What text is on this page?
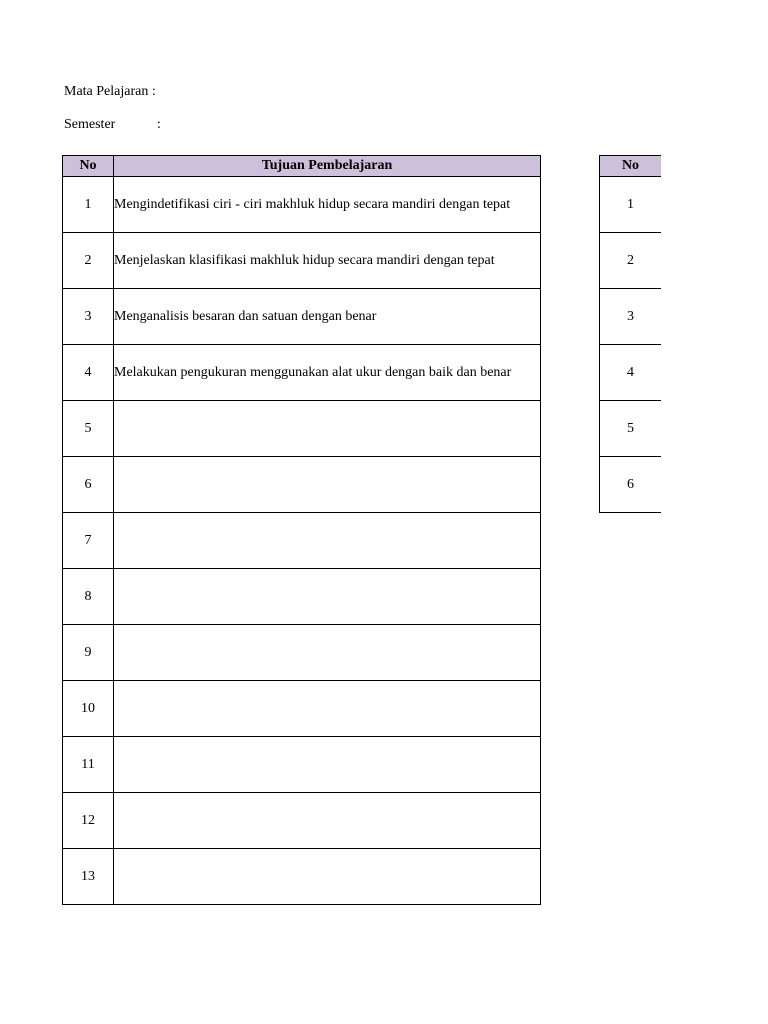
Mata Pelajaran :
Semester	:
No	Tujuan Pembelajaran
1	Mengindetifikasi ciri - ciri makhluk hidup secara mandiri dengan tepat
2	Menjelaskan klasifikasi makhluk hidup secara mandiri dengan tepat
3	Menganalisis besaran dan satuan dengan benar
4	Melakukan pengukuran menggunakan alat ukur dengan baik dan benar
5	
6	
7	
8	
9	
10	
11	
12	
13	
No
1
2
3
4
5
6
